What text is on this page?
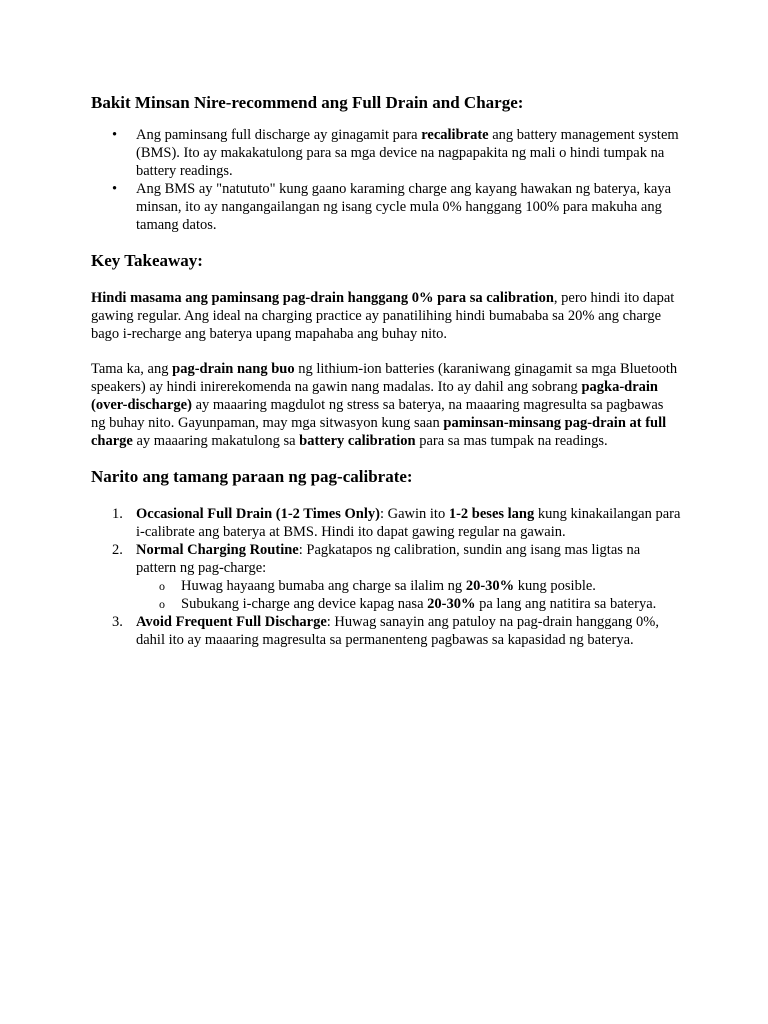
Bakit Minsan Nire-recommend ang Full Drain and Charge:
• Ang paminsang full discharge ay ginagamit para recalibrate ang battery management system (BMS). Ito ay makakatulong para sa mga device na nagpapakita ng mali o hindi tumpak na battery readings.
• Ang BMS ay "natututo" kung gaano karaming charge ang kayang hawakan ng baterya, kaya minsan, ito ay nangangailangan ng isang cycle mula 0% hanggang 100% para makuha ang tamang datos.
Key Takeaway:

Hindi masama ang paminsang pag-drain hanggang 0% para sa calibration, pero hindi ito dapat gawing regular. Ang ideal na charging practice ay panatilihing hindi bumababa sa 20% ang charge bago i-recharge ang baterya upang mapahaba ang buhay nito.

Tama ka, ang pag-drain nang buo ng lithium-ion batteries (karaniwang ginagamit sa mga Bluetooth speakers) ay hindi inirerekomenda na gawin nang madalas. Ito ay dahil ang sobrang pagka-drain (over-discharge) ay maaaring magdulot ng stress sa baterya, na maaaring magresulta sa pagbawas ng buhay nito. Gayunpaman, may mga sitwasyon kung saan paminsan-minsang pag-drain at full charge ay maaaring makatulong sa battery calibration para sa mas tumpak na readings.

Narito ang tamang paraan ng pag-calibrate:
1. Occasional Full Drain (1-2 Times Only): Gawin ito 1-2 beses lang kung kinakailangan para i-calibrate ang baterya at BMS. Hindi ito dapat gawing regular na gawain.
2. Normal Charging Routine: Pagkatapos ng calibration, sundin ang isang mas ligtas na pattern ng pag-charge:
o Huwag hayaang bumaba ang charge sa ilalim ng 20-30% kung posible.
o Subukang i-charge ang device kapag nasa 20-30% pa lang ang natitira sa baterya.
3. Avoid Frequent Full Discharge: Huwag sanayin ang patuloy na pag-drain hanggang 0%, dahil ito ay maaaring magresulta sa permanenteng pagbawas sa kapasidad ng baterya.
